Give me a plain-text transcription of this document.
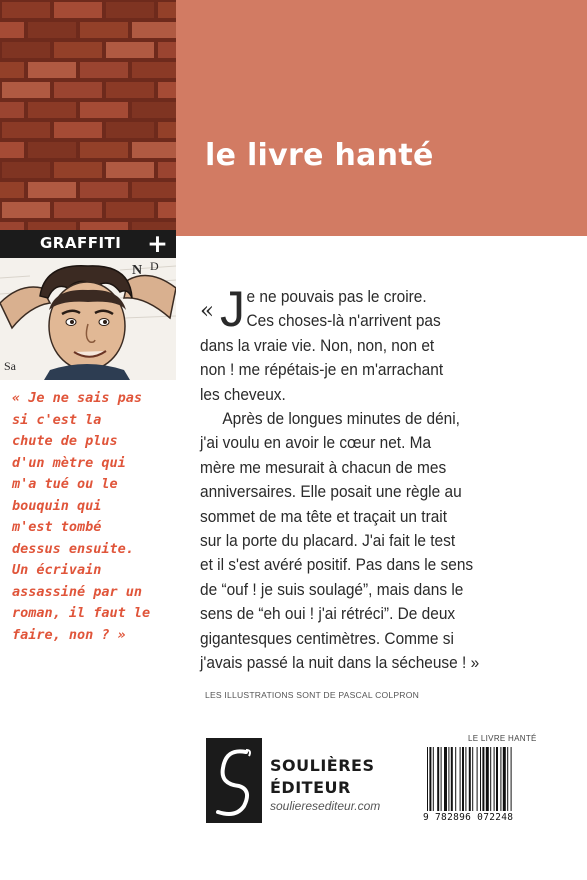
le livre hanté
GRAFFITI +
N D
Sa
« Je ne sais pas
si c'est la
chute de plus
d'un mètre qui
m'a tué ou le
bouquin qui
m'est tombé
dessus ensuite.
Un écrivain
assassiné par un
roman, il faut le
faire, non ? »
« J e ne pouvais pas le croire.
Ces choses-là n'arrivent pas
dans la vraie vie. Non, non, non et
non ! me répétais-je en m'arrachant
les cheveux.
Après de longues minutes de déni,
j'ai voulu en avoir le cœur net. Ma
mère me mesurait à chacun de mes
anniversaires. Elle posait une règle au
sommet de ma tête et traçait un trait
sur la porte du placard. J'ai fait le test
et il s'est avéré positif. Pas dans le sens
de “ouf ! je suis soulagé”, mais dans le
sens de “eh oui ! j'ai rétréci”. De deux
gigantesques centimètres. Comme si
j'avais passé la nuit dans la sécheuse ! »
LES ILLUSTRATIONS SONT DE PASCAL COLPRON
SOULIÈRES
ÉDITEUR
soulieresediteur.com
LE LIVRE HANTÉ
9 782896 072248
